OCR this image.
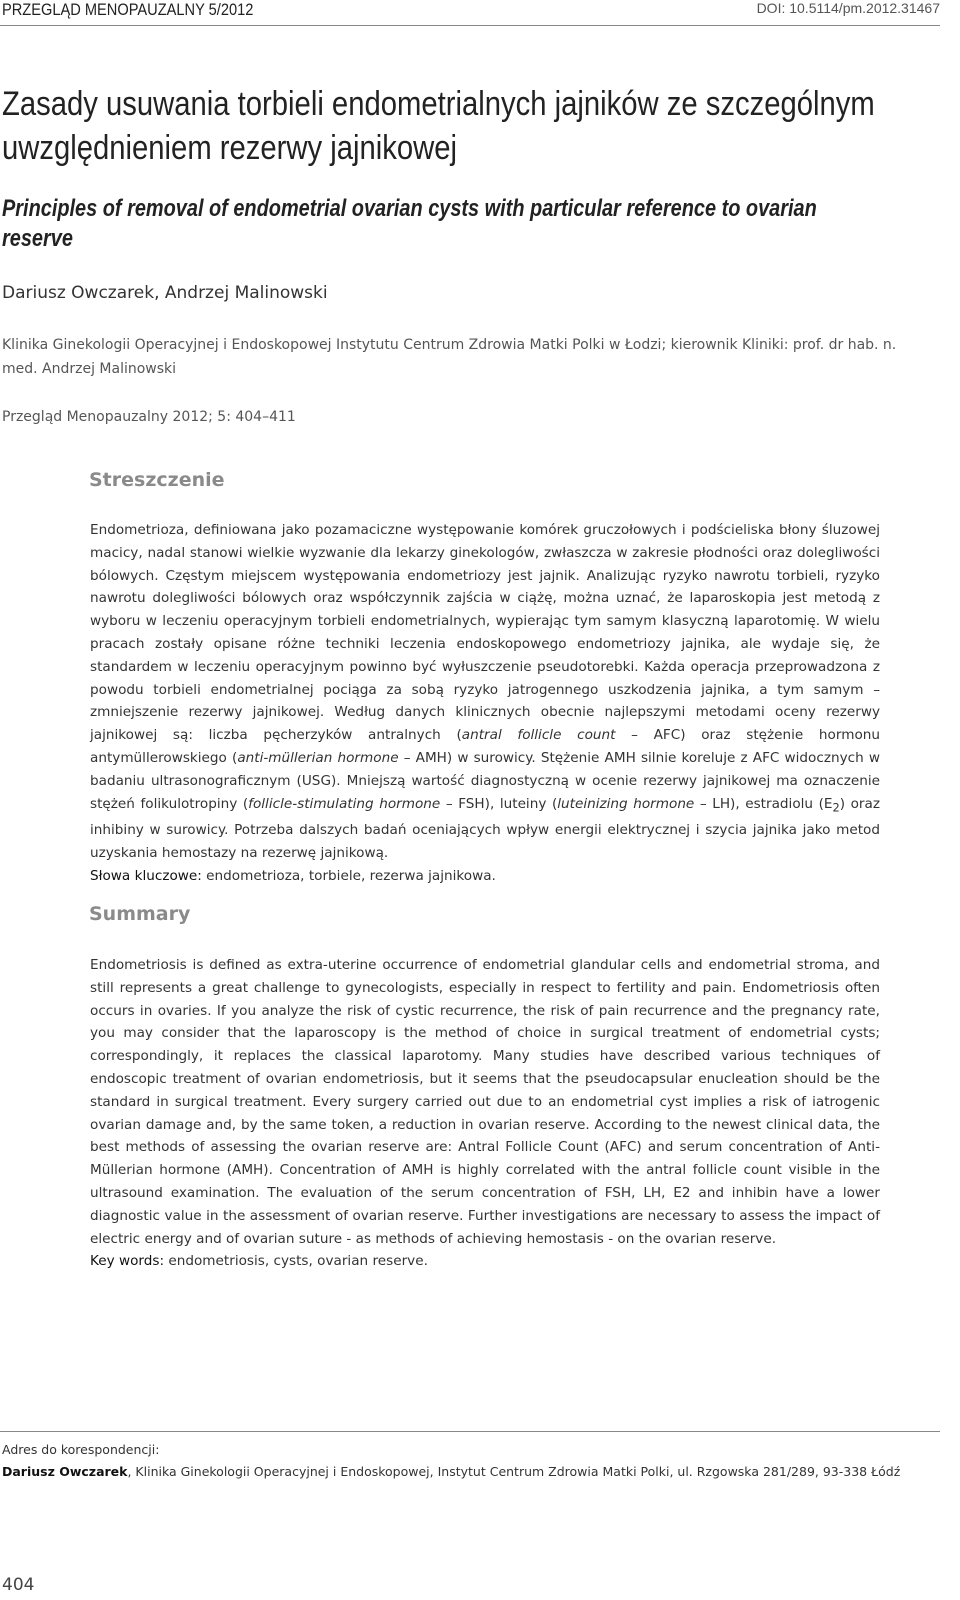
PRZEGLĄD MENOPAUZALNY 5/2012	DOI: 10.5114/pm.2012.31467
Zasady usuwania torbieli endometrialnych jajników ze szczególnym uwzględnieniem rezerwy jajnikowej
Principles of removal of endometrial ovarian cysts with particular reference to ovarian reserve
Dariusz Owczarek, Andrzej Malinowski
Klinika Ginekologii Operacyjnej i Endoskopowej Instytutu Centrum Zdrowia Matki Polki w Łodzi; kierownik Kliniki: prof. dr hab. n. med. Andrzej Malinowski
Przegląd Menopauzalny 2012; 5: 404–411
Streszczenie

Endometrioza, definiowana jako pozamaciczne występowanie komórek gruczołowych i podścieliska błony śluzowej macicy, nadal stanowi wielkie wyzwanie dla lekarzy ginekologów, zwłaszcza w zakresie płodności oraz dolegliwości bólowych. Częstym miejscem występowania endometriozy jest jajnik. Analizując ryzyko nawrotu torbieli, ryzyko nawrotu dolegliwości bólowych oraz współczynnik zajścia w ciążę, można uznać, że laparoskopia jest metodą z wyboru w leczeniu operacyjnym torbieli endometrialnych, wypierając tym samym klasyczną laparotomię. W wielu pracach zostały opisane różne techniki leczenia endoskopowego endometriozy jajnika, ale wydaje się, że standardem w leczeniu operacyjnym powinno być wyłuszczenie pseudotorebki. Każda operacja przeprowadzona z powodu torbieli endometrialnej pociąga za sobą ryzyko jatrogennego uszkodzenia jajnika, a tym samym – zmniejszenie rezerwy jajnikowej. Według danych klinicznych obecnie najlepszymi metodami oceny rezerwy jajnikowej są: liczba pęcherzyków antralnych (antral follicle count – AFC) oraz stężenie hormonu antymüllerowskiego (anti-müllerian hormone – AMH) w surowicy. Stężenie AMH silnie koreluje z AFC widocznych w badaniu ultrasonograficznym (USG). Mniejszą wartość diagnostyczną w ocenie rezerwy jajnikowej ma oznaczenie stężeń folikulotropiny (follicle-stimulating hormone – FSH), luteiny (luteinizing hormone – LH), estradiolu $(E_2)$ oraz inhibiny w surowicy. Potrzeba dalszych badań oceniających wpływ energii elektrycznej i szycia jajnika jako metod uzyskania hemostazy na rezerwę jajnikową.

Słowa kluczowe: endometrioza, torbiele, rezerwa jajnikowa.
Summary

Endometriosis is defined as extra-uterine occurrence of endometrial glandular cells and endometrial stroma, and still represents a great challenge to gynecologists, especially in respect to fertility and pain. Endometriosis often occurs in ovaries. If you analyze the risk of cystic recurrence, the risk of pain recurrence and the pregnancy rate, you may consider that the laparoscopy is the method of choice in surgical treatment of endometrial cysts; correspondingly, it replaces the classical laparotomy. Many studies have described various techniques of endoscopic treatment of ovarian endometriosis, but it seems that the pseudocapsular enucleation should be the standard in surgical treatment. Every surgery carried out due to an endometrial cyst implies a risk of iatrogenic ovarian damage and, by the same token, a reduction in ovarian reserve. According to the newest clinical data, the best methods of assessing the ovarian reserve are: Antral Follicle Count (AFC) and serum concentration of Anti-Müllerian hormone (AMH). Concentration of AMH is highly correlated with the antral follicle count visible in the ultrasound examination. The evaluation of the serum concentration of FSH, LH, E2 and inhibin have a lower diagnostic value in the assessment of ovarian reserve. Further investigations are necessary to assess the impact of electric energy and of ovarian suture - as methods of achieving hemostasis - on the ovarian reserve.

Key words: endometriosis, cysts, ovarian reserve.
Adres do korespondencji:
Dariusz Owczarek, Klinika Ginekologii Operacyjnej i Endoskopowej, Instytut Centrum Zdrowia Matki Polki, ul. Rzgowska 281/289, 93-338 Łódź
404
